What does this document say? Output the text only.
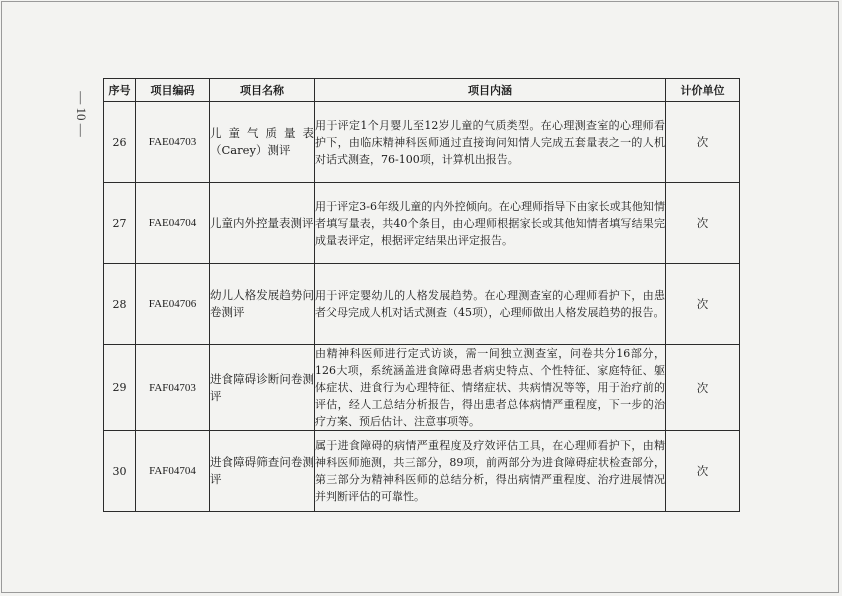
— 10 —
序号	项目编码	项目名称	项目内涵	计价单位
26	FAE04703	儿童气质量表（Carey）测评	用于评定1个月婴儿至12岁儿童的气质类型。在心理测查室的心理师看护下，由临床精神科医师通过直接询问知情人完成五套量表之一的人机对话式测查，76-100项，计算机出报告。	次
27	FAE04704	儿童内外控量表测评	用于评定3-6年级儿童的内外控倾向。在心理师指导下由家长或其他知情者填写量表，共40个条目，由心理师根据家长或其他知情者填写结果完成量表评定，根据评定结果出评定报告。	次
28	FAE04706	幼儿人格发展趋势问卷测评	用于评定婴幼儿的人格发展趋势。在心理测查室的心理师看护下，由患者父母完成人机对话式测查（45项），心理师做出人格发展趋势的报告。	次
29	FAF04703	进食障碍诊断问卷测评	由精神科医师进行定式访谈，需一间独立测查室，问卷共分16部分，126大项，系统涵盖进食障碍患者病史特点、个性特征、家庭特征、躯体症状、进食行为心理特征、情绪症状、共病情况等等，用于治疗前的评估，经人工总结分析报告，得出患者总体病情严重程度，下一步的治疗方案、预后估计、注意事项等。	次
30	FAF04704	进食障碍筛查问卷测评	属于进食障碍的病情严重程度及疗效评估工具，在心理师看护下，由精神科医师施测，共三部分，89项，前两部分为进食障碍症状检查部分，第三部分为精神科医师的总结分析，得出病情严重程度、治疗进展情况并判断评估的可靠性。	次
